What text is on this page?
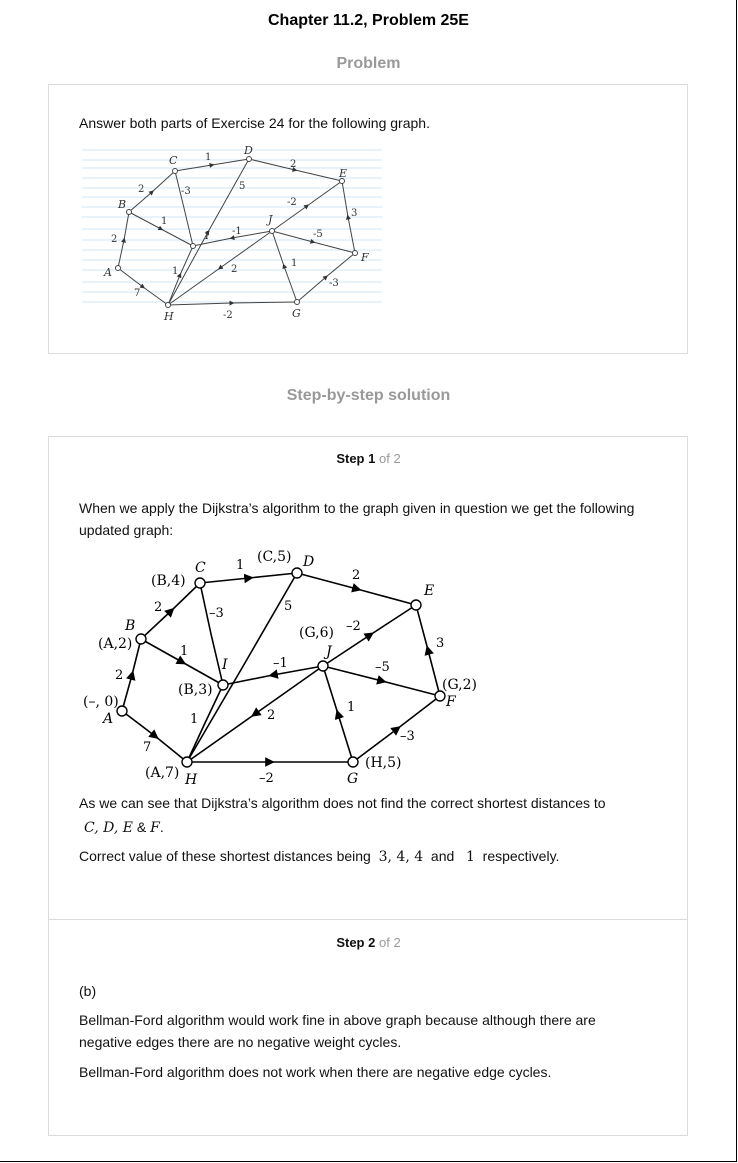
Chapter 11.2, Problem 25E
Problem
Answer both parts of Exercise 24 for the following graph.
A
B
C
D
E
F
G
H
I
J
7
2
2
1
-3
1
5
2
-2
3
-5
-1
-3
1
1	2
-2
Step-by-step solution
Step 1 of 2
When we apply the Dijkstra’s algorithm to the graph given in question we get the following updated graph:
A
B
C	D
E
F
G
H
I
J
(–, 0)
(A,2)
(B,4)
(C,5)
(G,2)
(H,5)
(A,7)
(B,3)
(G,6)
7
2
2
1
–3
1
5
2
–2
3
–5
–1
–3
1
1	2
–2
As we can see that Dijkstra’s algorithm does not find the correct shortest distances to
C, D, E & F.
Correct value of these shortest distances being 3, 4, 4 and 1 respectively.
Step 2 of 2
(b)
Bellman-Ford algorithm would work fine in above graph because although there are negative edges there are no negative weight cycles.
Bellman-Ford algorithm does not work when there are negative edge cycles.
